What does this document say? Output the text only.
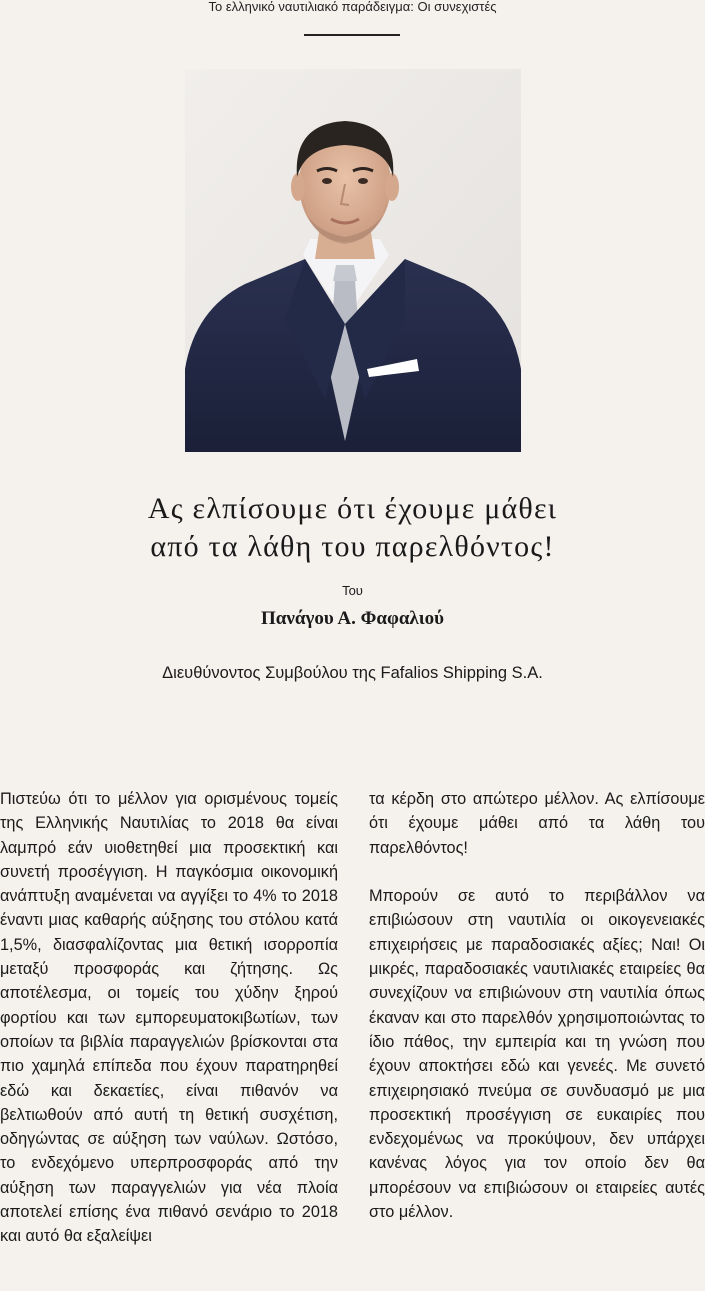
Το ελληνικό ναυτιλιακό παράδειγμα: Οι συνεχιστές
Ας ελπίσουμε ότι έχουμε μάθει
από τα λάθη του παρελθόντος!
Του
Πανάγου Α. Φαφαλιού
Διευθύνοντος Συμβούλου της Fafalios Shipping S.A.

Πιστεύω ότι το μέλλον για ορισμένους τομείς της Ελληνικής Ναυτιλίας το 2018 θα είναι λαμπρό εάν υιοθετηθεί μια προσεκτική και συνετή προσέγγιση. Η παγκόσμια οικονομική ανάπτυξη αναμένεται να αγγίξει το 4% το 2018 έναντι μιας καθαρής αύξησης του στόλου κατά 1,5%, διασφαλίζοντας μια θετική ισορροπία μεταξύ προσφοράς και ζήτησης. Ως αποτέλεσμα, οι τομείς του χύδην ξηρού φορτίου και των εμπορευματοκιβωτίων, των οποίων τα βιβλία παραγγελιών βρίσκονται στα πιο χαμηλά επίπεδα που έχουν παρατηρηθεί εδώ και δεκαετίες, είναι πιθανόν να βελτιωθούν από αυτή τη θετική συσχέτιση, οδηγώντας σε αύξηση των ναύλων. Ωστόσο, το ενδεχόμενο υπερπροσφοράς από την αύξηση των παραγγελιών για νέα πλοία αποτελεί επίσης ένα πιθανό σενάριο το 2018 και αυτό θα εξαλείψει

τα κέρδη στο απώτερο μέλλον. Ας ελπίσουμε ότι έχουμε μάθει από τα λάθη του παρελθόντος!

Μπορούν σε αυτό το περιβάλλον να επιβιώσουν στη ναυτιλία οι οικογενειακές επιχειρήσεις με παραδοσιακές αξίες; Ναι! Οι μικρές, παραδοσιακές ναυτιλιακές εταιρείες θα συνεχίζουν να επιβιώνουν στη ναυτιλία όπως έκαναν και στο παρελθόν χρησιμοποιώντας το ίδιο πάθος, την εμπειρία και τη γνώση που έχουν αποκτήσει εδώ και γενεές. Με συνετό επιχειρησιακό πνεύμα σε συνδυασμό με μια προσεκτική προσέγγιση σε ευκαιρίες που ενδεχομένως να προκύψουν, δεν υπάρχει κανένας λόγος για τον οποίο δεν θα μπορέσουν να επιβιώσουν οι εταιρείες αυτές στο μέλλον.
